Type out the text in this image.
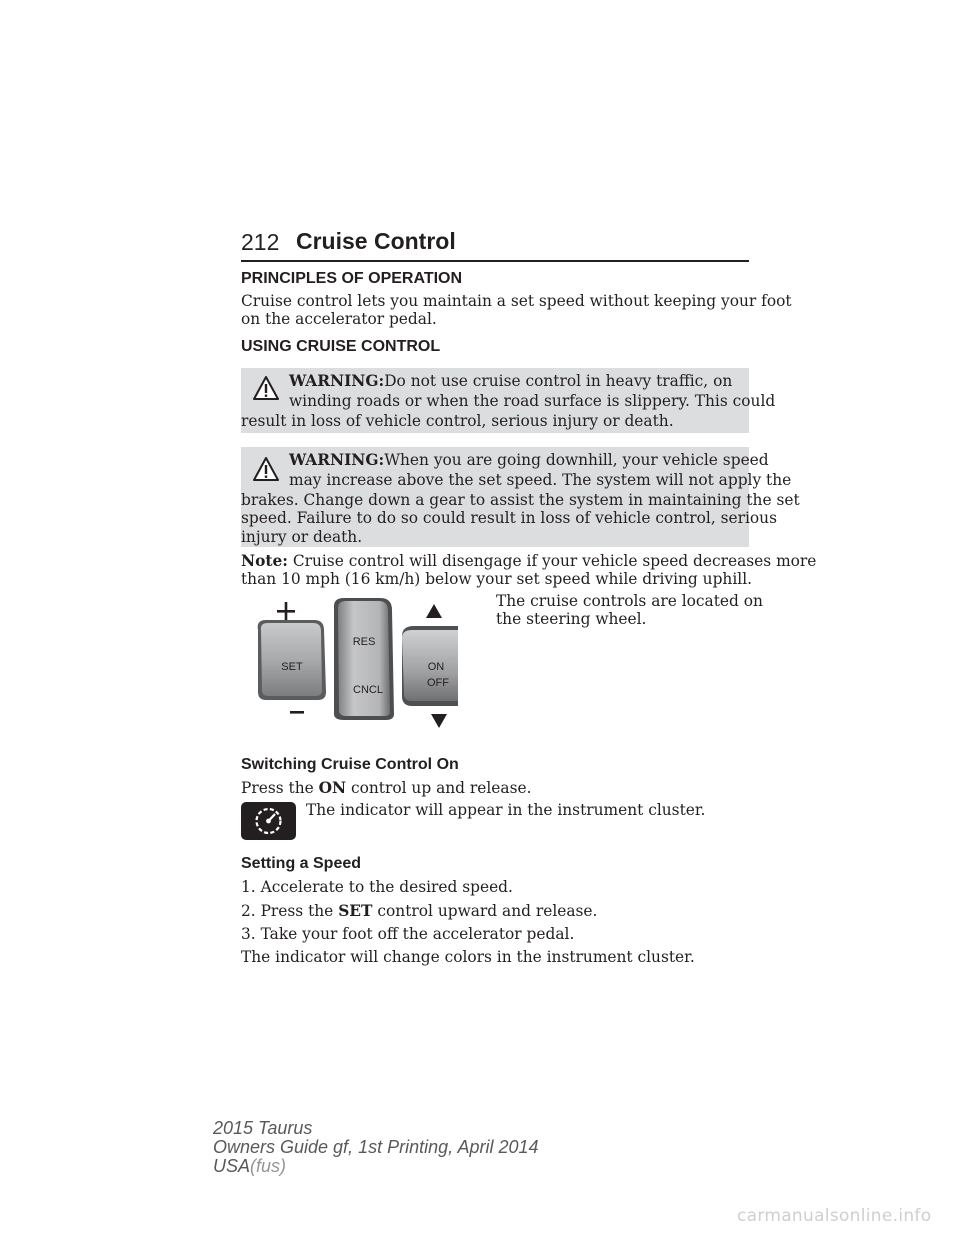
212 Cruise Control
PRINCIPLES OF OPERATION
Cruise control lets you maintain a set speed without keeping your foot
on the accelerator pedal.
USING CRUISE CONTROL
WARNING:Do not use cruise control in heavy traffic, on
winding roads or when the road surface is slippery. This could
result in loss of vehicle control, serious injury or death.
WARNING:When you are going downhill, your vehicle speed
may increase above the set speed. The system will not apply the
brakes. Change down a gear to assist the system in maintaining the set
speed. Failure to do so could result in loss of vehicle control, serious
injury or death.
Note: Cruise control will disengage if your vehicle speed decreases more
than 10 mph (16 km/h) below your set speed while driving uphill.
SET
RES
CNCL
ON
OFF
The cruise controls are located on
the steering wheel.
Switching Cruise Control On
Press the ON control up and release.
The indicator will appear in the instrument cluster.
Setting a Speed
1. Accelerate to the desired speed.
2. Press the SET control upward and release.
3. Take your foot off the accelerator pedal.
The indicator will change colors in the instrument cluster.
2015 Taurus
Owners Guide gf, 1st Printing, April 2014
USA(fus)
carmanualsonline.info
